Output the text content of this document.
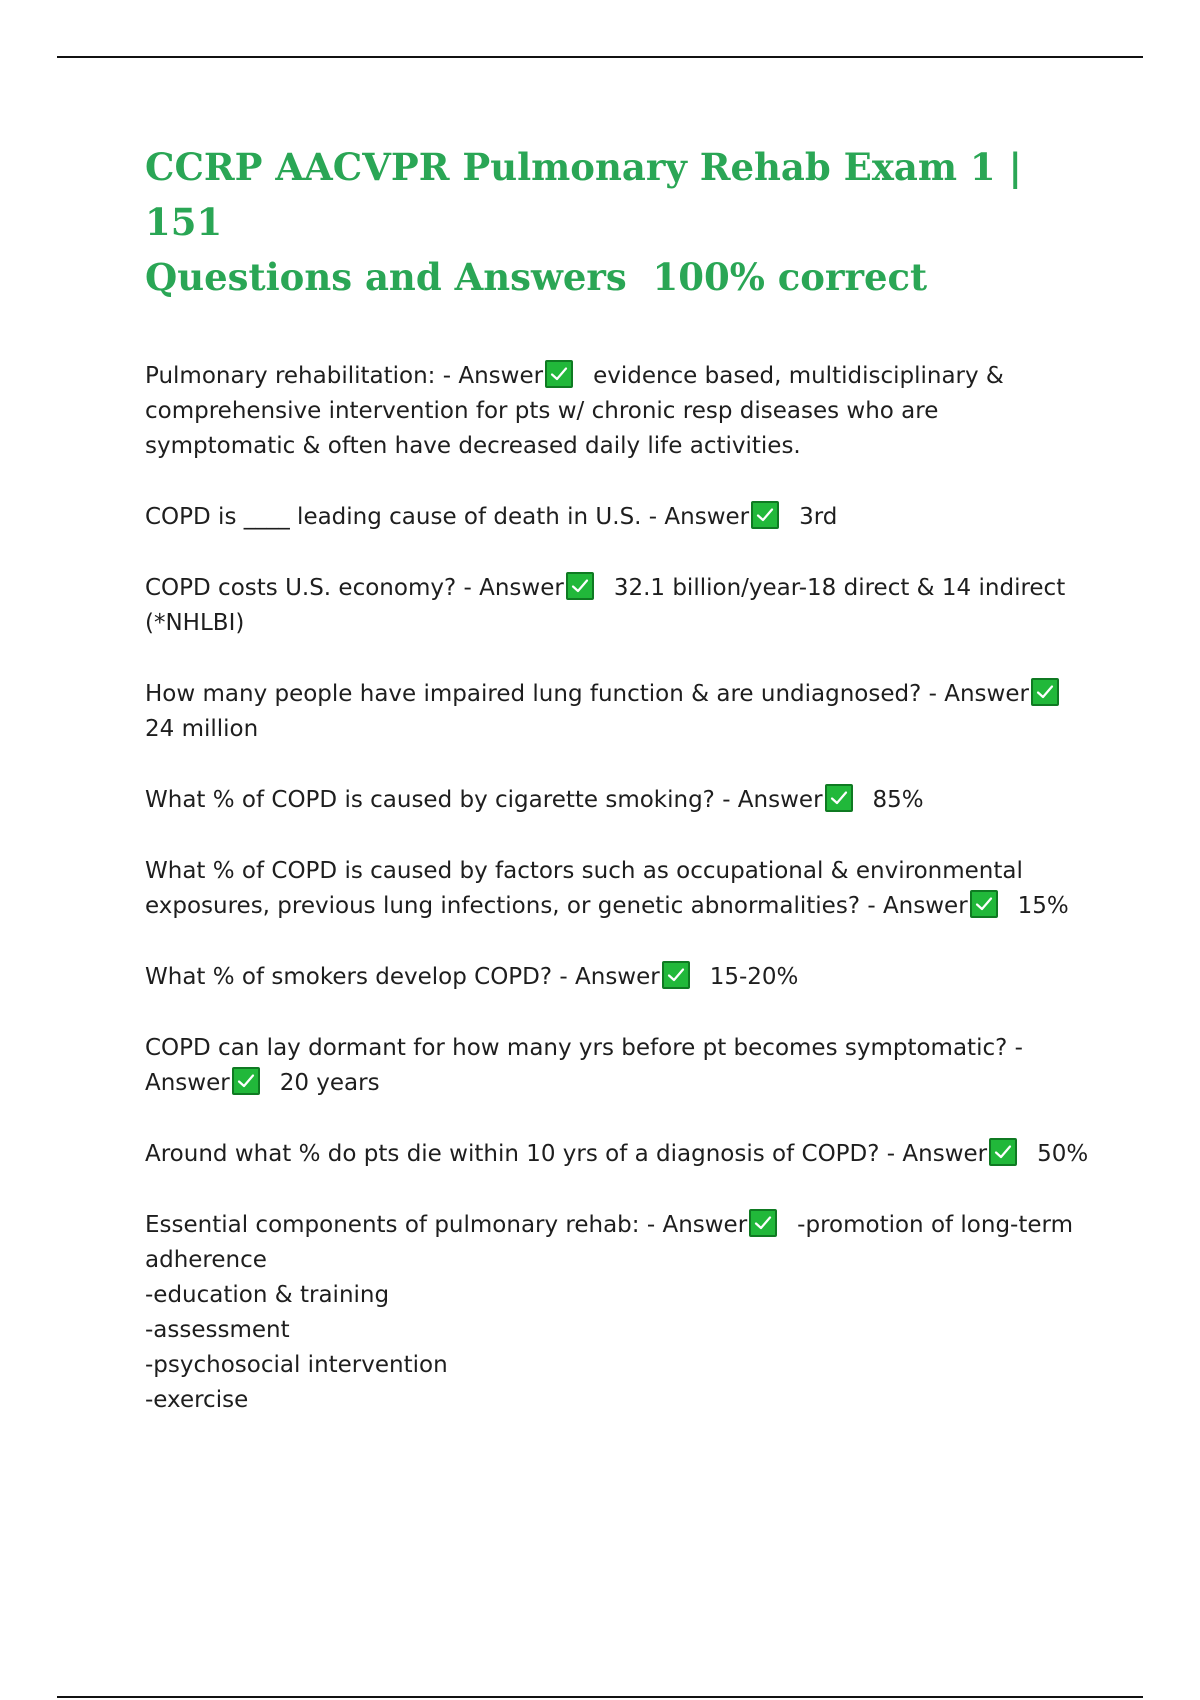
CCRP AACVPR Pulmonary Rehab Exam 1 | 151
Questions and Answers  100% correct

Pulmonary rehabilitation: - Answer evidence based, multidisciplinary & comprehensive intervention for pts w/ chronic resp diseases who are symptomatic & often have decreased daily life activities.

COPD is ____ leading cause of death in U.S. - Answer 3rd

COPD costs U.S. economy? - Answer 32.1 billion/year-18 direct & 14 indirect (*NHLBI)

How many people have impaired lung function & are undiagnosed? - Answer
24 million

What % of COPD is caused by cigarette smoking? - Answer 85%

What % of COPD is caused by factors such as occupational & environmental exposures, previous lung infections, or genetic abnormalities? - Answer 15%

What % of smokers develop COPD? - Answer 15-20%

COPD can lay dormant for how many yrs before pt becomes symptomatic? - Answer 20 years

Around what % do pts die within 10 yrs of a diagnosis of COPD? - Answer 50%

Essential components of pulmonary rehab: - Answer -promotion of long-term adherence
-education & training
-assessment
-psychosocial intervention
-exercise
